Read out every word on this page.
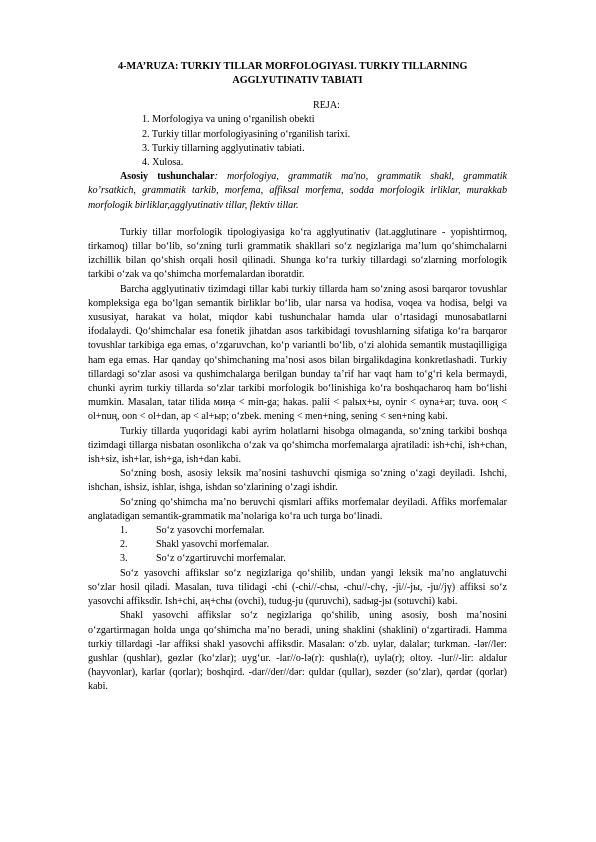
4-MA’RUZA: TURKIY TILLAR MORFOLOGIYASI. TURKIY TILLARNING
AGGLYUTINATIV TABIATI
REJA:
1. Morfologiya va uning o‘rganilish obekti
2. Turkiy tillar morfologiyasining o‘rganilish tarixi.
3. Turkiy tillarning agglyutinativ tabiati.
4. Xulosa.
Asosiy tushunchalar: morfologiya, grammatik ma'no, grammatik shakl, grammatik ko’rsatkich, grammatik tarkib, morfema, affiksal morfema, sodda morfologik irliklar, murakkab morfologik birliklar,agglyutinativ tillar, flektiv tillar.

Turkiy tillar morfologik tipologiyasiga ko‘ra agglyutinativ (lat.agglutinare - yopishtirmoq, tirkamoq) tillar bo‘lib, so‘zning turli grammatik shakllari so‘z negizlariga ma’lum qo‘shimchalarni izchillik bilan qo‘shish orqali hosil qilinadi. Shunga ko‘ra turkiy tillardagi so‘zlarning morfologik tarkibi o‘zak va qo‘shimcha morfemalardan iboratdir.

Barcha agglyutinativ tizimdagi tillar kabi turkiy tillarda ham so‘zning asosi barqaror tovushlar kompleksiga ega bo‘lgan semantik birliklar bo‘lib, ular narsa va hodisa, voqea va hodisa, belgi va xususiyat, harakat va holat, miqdor kabi tushunchalar hamda ular o‘rtasidagi munosabatlarni ifodalaydi. Qo‘shimchalar esa fonetik jihatdan asos tarkibidagi tovushlarning sifatiga ko‘ra barqaror tovushlar tarkibiga ega emas, o‘zgaruvchan, ko‘p variantli bo‘lib, o‘zi alohida semantik mustaqilligiga ham ega emas. Har qanday qo‘shimchaning ma’nosi asos bilan birgalikdagina konkretlashadi. Turkiy tillardagi so‘zlar asosi va qushimchalarga berilgan bunday ta’rif har vaqt ham to‘g‘ri kela bermaydi, chunki ayrim turkiy tillarda so‘zlar tarkibi morfologik bo‘linishiga ko‘ra boshqacharoq ham bo‘lishi mumkin. Masalan, tatar tilida миңа < min-ga; hakas. paliі < palыx+ы, oynir < oyna+ar; tuva. ооң < ol+nuң, ооn < ol+dan, ap < al+ыp; o‘zbek. mening < men+ning, sening < sen+ning kabi.

Turkiy tillarda yuqoridagi kabi ayrim holatlarni hisobga olmaganda, so‘zning tarkibi boshqa tizimdagi tillarga nisbatan osonlikcha o‘zak va qo‘shimcha morfemalarga ajratiladi: ish+chi, ish+chan, ish+siz, ish+lar, ish+ga, ish+dan kabi.

So‘zning bosh, asosiy leksik ma’nosini tashuvchi qismiga so‘zning o‘zagi deyiladi. Ishchi, ishchan, ishsiz, ishlar, ishga, ishdan so‘zlarining o‘zagi ishdir.

So‘zning qo‘shimcha ma’no beruvchi qismlari affiks morfemalar deyiladi. Affiks morfemalar anglatadigan semantik-grammatik ma’nolariga ko‘ra uch turga bo‘linadi.

1.	So‘z yasovchi morfemalar.
2.	Shakl yasovchi morfemalar.
3.	So‘z o‘zgartiruvchi morfemalar.

So‘z yasovchi affikslar so‘z negizlariga qo‘shilib, undan yangi leksik ma’no anglatuvchi so‘zlar hosil qiladi. Masalan, tuva tilidagi -chi (-chi//-chы, -chu//-chү, -ji//-jы, -ju//jү) affiksi so‘z yasovchi affiksdir. Ish+chi, aң+chы (ovchi), tudug-ju (quruvchi), sadыg-jы (sotuvchi) kabi.

Shakl yasovchi affikslar so‘z negizlariga qo‘shilib, uning asosiy, bosh ma’nosini o‘zgartirmagan holda unga qo‘shimcha ma’no beradi, uning shaklini (shaklini) o‘zgartiradi. Hamma turkiy tillardagi -lar affiksi shakl yasovchi affiksdir. Masalan: o‘zb. uylar, dalalar; turkman. -lәr//ler: gushlar (qushlar), gөzlәr (ko‘zlar); uyg‘ur. -lar//o-lә(r): qushla(r), uyla(r); oltoy. -lur//-lir: aldalur (hayvonlar), karlar (qorlar); boshqird. -dar//der//dәr: quldar (qullar), sөzder (so‘zlar), qәrdәr (qorlar) kabi.
